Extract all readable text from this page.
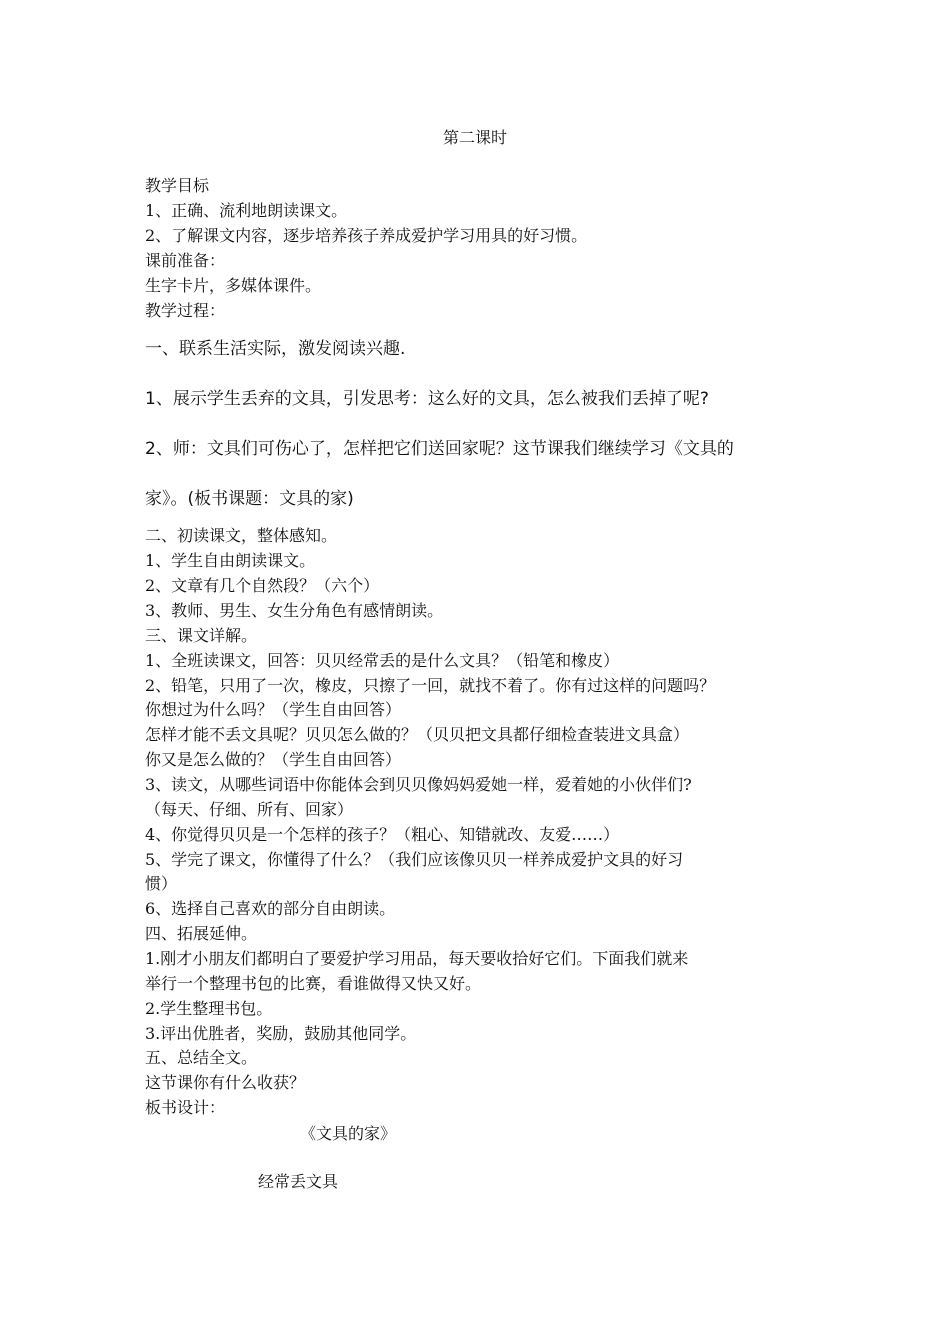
第二课时
教学目标
1、正确、流利地朗读课文。
2、了解课文内容，逐步培养孩子养成爱护学习用具的好习惯。
课前准备：
生字卡片，多媒体课件。
教学过程：
一、联系生活实际，激发阅读兴趣.
1、展示学生丢弃的文具，引发思考：这么好的文具，怎么被我们丢掉了呢?
2、师：文具们可伤心了，怎样把它们送回家呢？这节课我们继续学习《文具的
家》。(板书课题：文具的家)
二、初读课文，整体感知。
1、学生自由朗读课文。
2、文章有几个自然段？（六个）
3、教师、男生、女生分角色有感情朗读。
三、课文详解。
1、全班读课文，回答：贝贝经常丢的是什么文具？（铅笔和橡皮）
2、铅笔，只用了一次，橡皮，只擦了一回，就找不着了。你有过这样的问题吗？
你想过为什么吗？（学生自由回答）
怎样才能不丢文具呢？贝贝怎么做的？（贝贝把文具都仔细检查装进文具盒）
你又是怎么做的？（学生自由回答）
3、读文，从哪些词语中你能体会到贝贝像妈妈爱她一样，爱着她的小伙伴们?
（每天、仔细、所有、回家）
4、你觉得贝贝是一个怎样的孩子？（粗心、知错就改、友爱……）
5、学完了课文，你懂得了什么？（我们应该像贝贝一样养成爱护文具的好习
惯）
6、选择自己喜欢的部分自由朗读。
四、拓展延伸。
1.刚才小朋友们都明白了要爱护学习用品，每天要收拾好它们。下面我们就来
举行一个整理书包的比赛，看谁做得又快又好。
2.学生整理书包。
3.评出优胜者，奖励，鼓励其他同学。
五、总结全文。
这节课你有什么收获？
板书设计：
《文具的家》
经常丢文具
